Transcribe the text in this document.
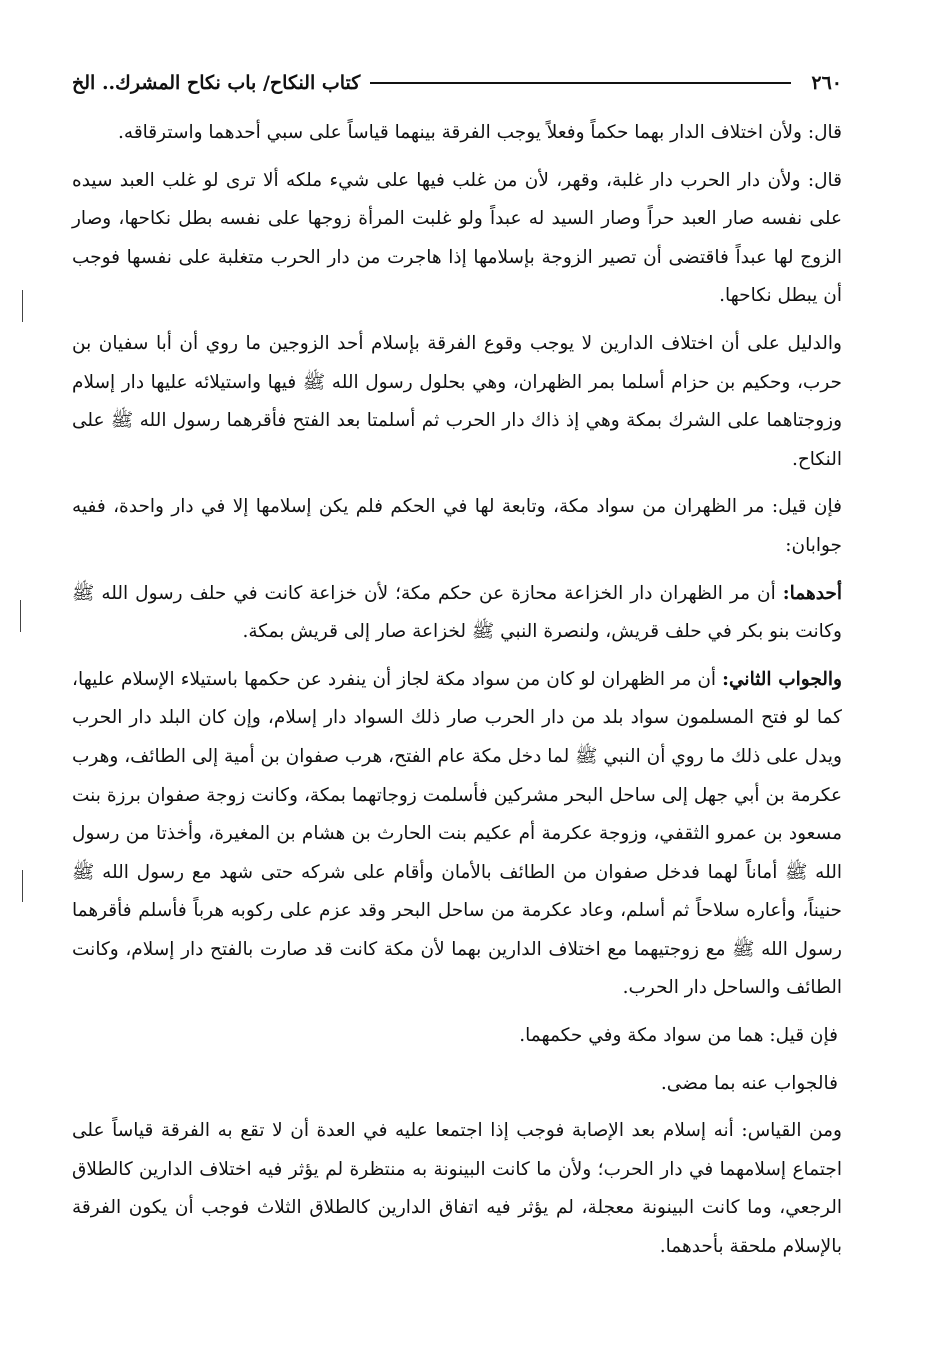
٢٦٠
كتاب النكاح/ باب نكاح المشرك.. الخ

قال: ولأن اختلاف الدار بهما حكماً وفعلاً يوجب الفرقة بينهما قياساً على سبي أحدهما واسترقاقه.

قال: ولأن دار الحرب دار غلبة، وقهر، لأن من غلب فيها على شيء ملكه ألا ترى لو غلب العبد سيده على نفسه صار العبد حراً وصار السيد له عبداً ولو غلبت المرأة زوجها على نفسه بطل نكاحها، وصار الزوج لها عبداً فاقتضى أن تصير الزوجة بإسلامها إذا هاجرت من دار الحرب متغلبة على نفسها فوجب أن يبطل نكاحها.

والدليل على أن اختلاف الدارين لا يوجب وقوع الفرقة بإسلام أحد الزوجين ما روي أن أبا سفيان بن حرب، وحكيم بن حزام أسلما بمر الظهران، وهي بحلول رسول الله ﷺ فيها واستيلائه عليها دار إسلام وزوجتاهما على الشرك بمكة وهي إذ ذاك دار الحرب ثم أسلمتا بعد الفتح فأقرهما رسول الله ﷺ على النكاح.

فإن قيل: مر الظهران من سواد مكة، وتابعة لها في الحكم فلم يكن إسلامها إلا في دار واحدة، ففيه جوابان:

أحدهما: أن مر الظهران دار الخزاعة محازة عن حكم مكة؛ لأن خزاعة كانت في حلف رسول الله ﷺ وكانت بنو بكر في حلف قريش، ولنصرة النبي ﷺ لخزاعة صار إلى قريش بمكة.

والجواب الثاني: أن مر الظهران لو كان من سواد مكة لجاز أن ينفرد عن حكمها باستيلاء الإسلام عليها، كما لو فتح المسلمون سواد بلد من دار الحرب صار ذلك السواد دار إسلام، وإن كان البلد دار الحرب ويدل على ذلك ما روي أن النبي ﷺ لما دخل مكة عام الفتح، هرب صفوان بن أمية إلى الطائف، وهرب عكرمة بن أبي جهل إلى ساحل البحر مشركين فأسلمت زوجاتهما بمكة، وكانت زوجة صفوان برزة بنت مسعود بن عمرو الثقفي، وزوجة عكرمة أم عكيم بنت الحارث بن هشام بن المغيرة، وأخذتا من رسول الله ﷺ أماناً لهما فدخل صفوان من الطائف بالأمان وأقام على شركه حتى شهد مع رسول الله ﷺ حنيناً، وأعاره سلاحاً ثم أسلم، وعاد عكرمة من ساحل البحر وقد عزم على ركوبه هرباً فأسلم فأقرهما رسول الله ﷺ مع زوجتيهما مع اختلاف الدارين بهما لأن مكة كانت قد صارت بالفتح دار إسلام، وكانت الطائف والساحل دار الحرب.

فإن قيل: هما من سواد مكة وفي حكمهما.

فالجواب عنه بما مضى.

ومن القياس: أنه إسلام بعد الإصابة فوجب إذا اجتمعا عليه في العدة أن لا تقع به الفرقة قياساً على اجتماع إسلامهما في دار الحرب؛ ولأن ما كانت البينونة به منتظرة لم يؤثر فيه اختلاف الدارين كالطلاق الرجعي، وما كانت البينونة معجلة، لم يؤثر فيه اتفاق الدارين كالطلاق الثلاث فوجب أن يكون الفرقة بالإسلام ملحقة بأحدهما.
